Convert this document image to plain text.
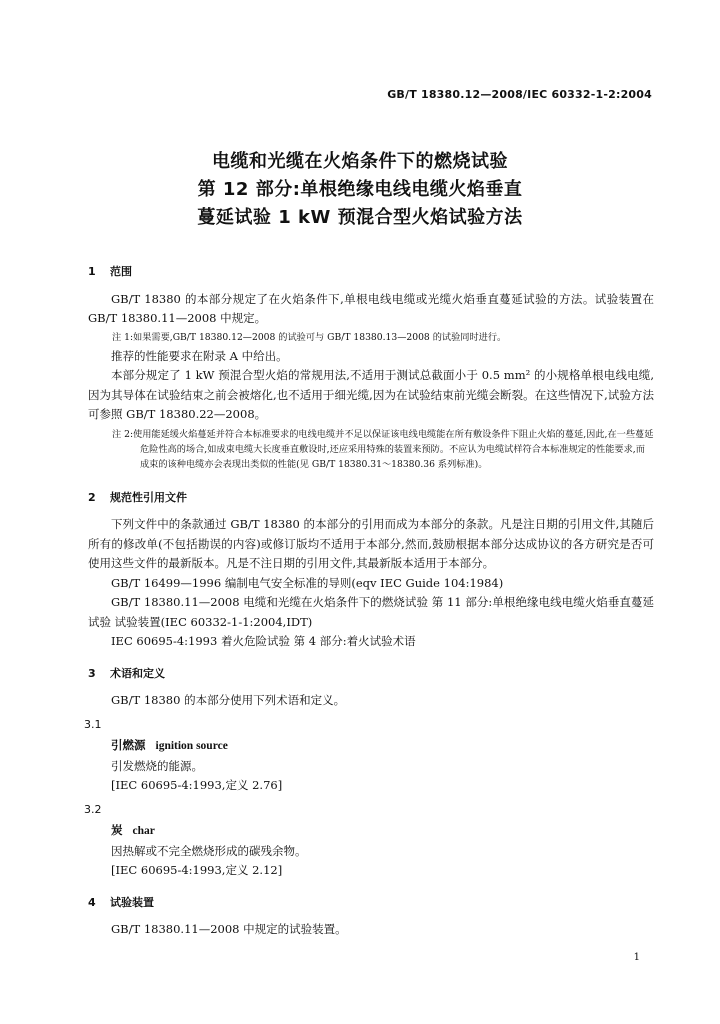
GB/T 18380.12—2008/IEC 60332-1-2:2004
电缆和光缆在火焰条件下的燃烧试验
第 12 部分:单根绝缘电线电缆火焰垂直
蔓延试验 1 kW 预混合型火焰试验方法
1 范围

GB/T 18380 的本部分规定了在火焰条件下,单根电线电缆或光缆火焰垂直蔓延试验的方法。试验装置在 GB/T 18380.11—2008 中规定。

注 1:如果需要,GB/T 18380.12—2008 的试验可与 GB/T 18380.13—2008 的试验同时进行。

推荐的性能要求在附录 A 中给出。

本部分规定了 1 kW 预混合型火焰的常规用法,不适用于测试总截面小于 0.5 mm² 的小规格单根电线电缆,因为其导体在试验结束之前会被熔化,也不适用于细光缆,因为在试验结束前光缆会断裂。在这些情况下,试验方法可参照 GB/T 18380.22—2008。

注 2:使用能延缓火焰蔓延并符合本标准要求的电线电缆并不足以保证该电线电缆能在所有敷设条件下阻止火焰的蔓延,因此,在一些蔓延危险性高的场合,如成束电缆大长度垂直敷设时,还应采用特殊的装置来预防。不应认为电缆试样符合本标准规定的性能要求,而成束的该种电缆亦会表现出类似的性能(见 GB/T 18380.31～18380.36 系列标准)。
2 规范性引用文件

下列文件中的条款通过 GB/T 18380 的本部分的引用而成为本部分的条款。凡是注日期的引用文件,其随后所有的修改单(不包括勘误的内容)或修订版均不适用于本部分,然而,鼓励根据本部分达成协议的各方研究是否可使用这些文件的最新版本。凡是不注日期的引用文件,其最新版本适用于本部分。

GB/T 16499—1996 编制电气安全标准的导则(eqv IEC Guide 104:1984)

GB/T 18380.11—2008 电缆和光缆在火焰条件下的燃烧试验 第 11 部分:单根绝缘电线电缆火焰垂直蔓延试验 试验装置(IEC 60332-1-1:2004,IDT)

IEC 60695-4:1993 着火危险试验 第 4 部分:着火试验术语

3 术语和定义

GB/T 18380 的本部分使用下列术语和定义。

3.1
引燃源 ignition source

引发燃烧的能源。

[IEC 60695-4:1993,定义 2.76]

3.2
炭 char

因热解或不完全燃烧形成的碳残余物。

[IEC 60695-4:1993,定义 2.12]

4 试验装置

GB/T 18380.11—2008 中规定的试验装置。

1
